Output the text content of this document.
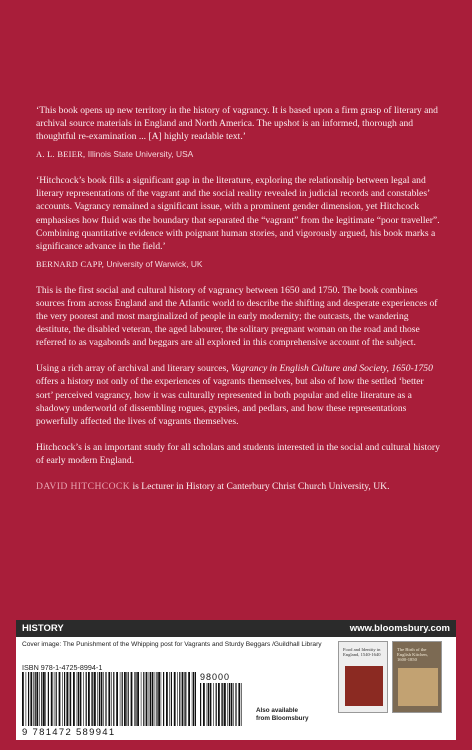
‘This book opens up new territory in the history of vagrancy. It is based upon a firm grasp of literary and archival source materials in England and North America. The upshot is an informed, thorough and thoughtful re-examination ... [A] highly readable text.’

A. L. BEIER, Illinois State University, USA

‘Hitchcock’s book fills a significant gap in the literature, exploring the relationship between legal and literary representations of the vagrant and the social reality revealed in judicial records and constables’ accounts. Vagrancy remained a significant issue, with a prominent gender dimension, yet Hitchcock emphasises how fluid was the boundary that separated the “vagrant” from the legitimate “poor traveller”. Combining quantitative evidence with poignant human stories, and vigorously argued, his book marks a significance advance in the field.’

BERNARD CAPP, University of Warwick, UK

This is the first social and cultural history of vagrancy between 1650 and 1750. The book combines sources from across England and the Atlantic world to describe the shifting and desperate experiences of the very poorest and most marginalized of people in early modernity; the outcasts, the wandering destitute, the disabled veteran, the aged labourer, the solitary pregnant woman on the road and those referred to as vagabonds and beggars are all explored in this comprehensive account of the subject.

Using a rich array of archival and literary sources, Vagrancy in English Culture and Society, 1650-1750 offers a history not only of the experiences of vagrants themselves, but also of how the settled ‘better sort’ perceived vagrancy, how it was culturally represented in both popular and elite literature as a shadowy underworld of dissembling rogues, gypsies, and pedlars, and how these representations powerfully affected the lives of vagrants themselves.

Hitchcock’s is an important study for all scholars and students interested in the social and cultural history of early modern England.

DAVID HITCHCOCK is Lecturer in History at Canterbury Christ Church University, UK.

HISTORY	www.bloomsbury.com
Cover image: The Punishment of the Whipping post for Vagrants and Sturdy Beggars /Guildhall Library
ISBN 978-1-4725-8994-1
9 781472 589941
98000
Also available
from Bloomsbury
Food and Identity in England, 1540-1640
The Birth of the English Kitchen, 1600-1850
